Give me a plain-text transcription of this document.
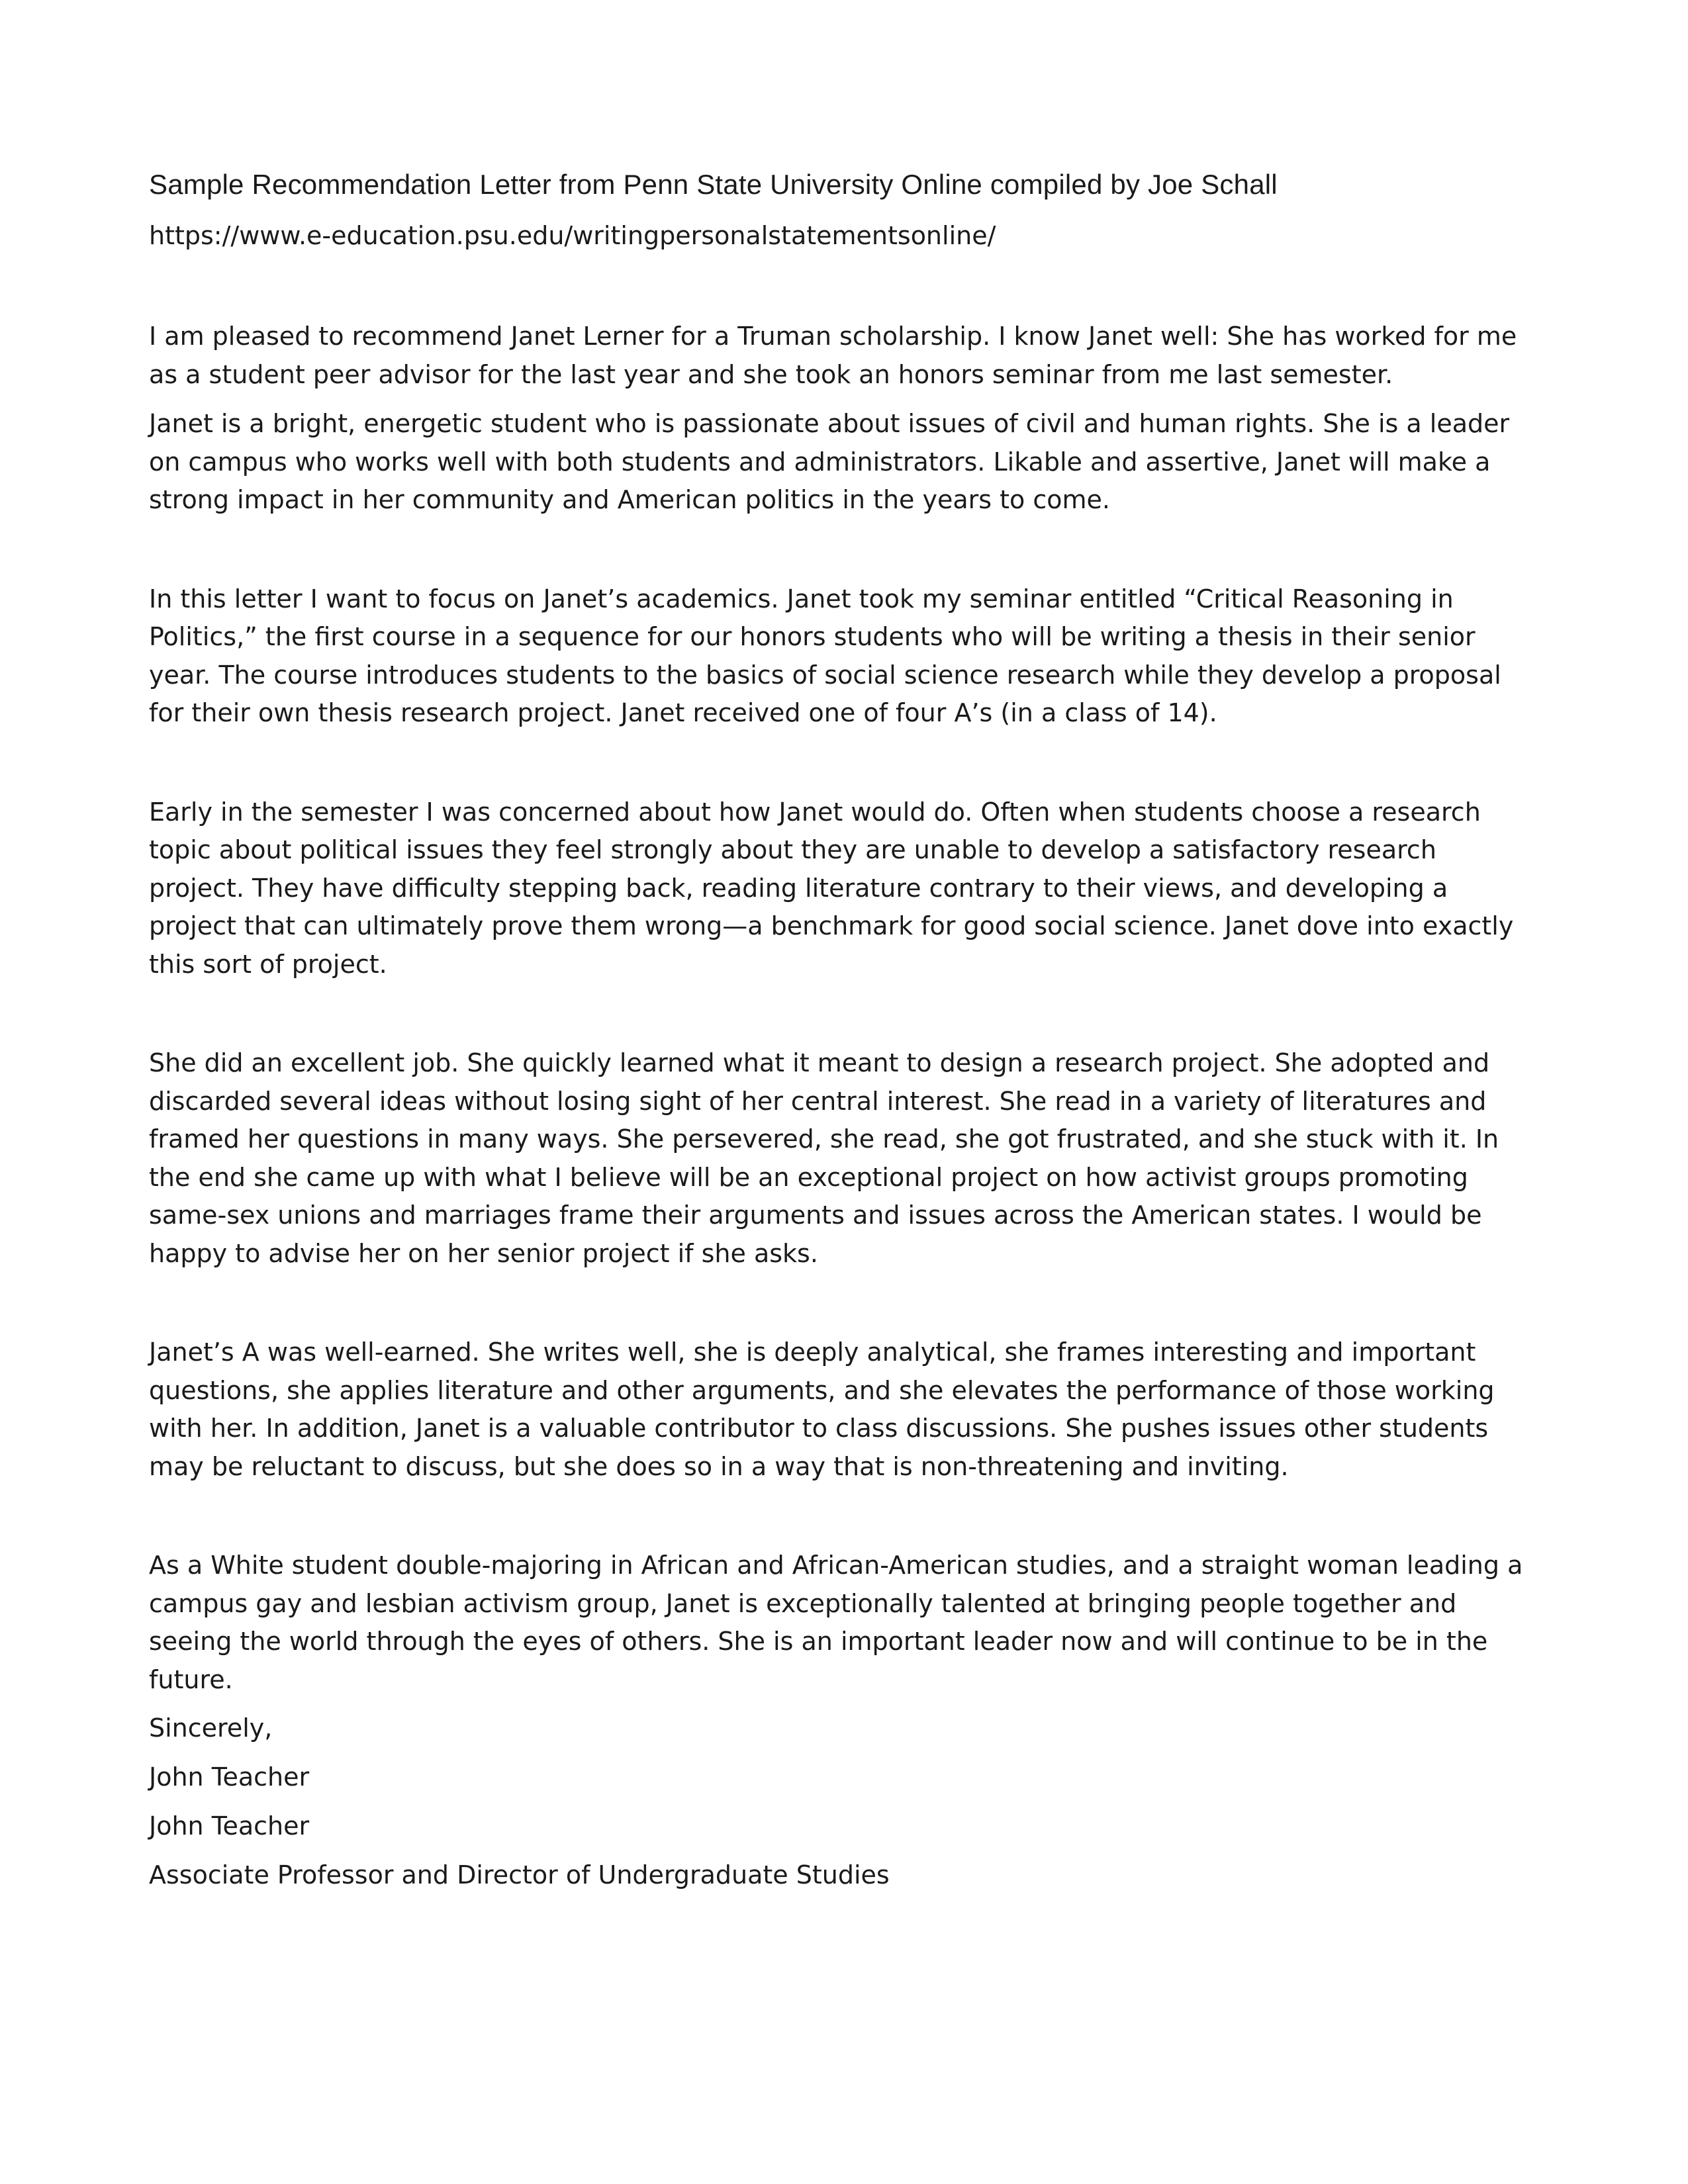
Sample Recommendation Letter from Penn State University Online compiled by Joe Schall
https://www.e-education.psu.edu/writingpersonalstatementsonline/

I am pleased to recommend Janet Lerner for a Truman scholarship. I know Janet well: She has worked for me as a student peer advisor for the last year and she took an honors seminar from me last semester.

Janet is a bright, energetic student who is passionate about issues of civil and human rights. She is a leader on campus who works well with both students and administrators. Likable and assertive, Janet will make a strong impact in her community and American politics in the years to come.

In this letter I want to focus on Janet’s academics. Janet took my seminar entitled “Critical Reasoning in Politics,” the first course in a sequence for our honors students who will be writing a thesis in their senior year. The course introduces students to the basics of social science research while they develop a proposal for their own thesis research project. Janet received one of four A’s (in a class of 14).

Early in the semester I was concerned about how Janet would do. Often when students choose a research topic about political issues they feel strongly about they are unable to develop a satisfactory research project. They have difficulty stepping back, reading literature contrary to their views, and developing a project that can ultimately prove them wrong—a benchmark for good social science. Janet dove into exactly this sort of project.

She did an excellent job. She quickly learned what it meant to design a research project. She adopted and discarded several ideas without losing sight of her central interest. She read in a variety of literatures and framed her questions in many ways. She persevered, she read, she got frustrated, and she stuck with it. In the end she came up with what I believe will be an exceptional project on how activist groups promoting same-sex unions and marriages frame their arguments and issues across the American states. I would be happy to advise her on her senior project if she asks.

Janet’s A was well-earned. She writes well, she is deeply analytical, she frames interesting and important questions, she applies literature and other arguments, and she elevates the performance of those working with her. In addition, Janet is a valuable contributor to class discussions. She pushes issues other students may be reluctant to discuss, but she does so in a way that is non-threatening and inviting.

As a White student double-majoring in African and African-American studies, and a straight woman leading a campus gay and lesbian activism group, Janet is exceptionally talented at bringing people together and seeing the world through the eyes of others. She is an important leader now and will continue to be in the future.

Sincerely,

John Teacher

John Teacher

Associate Professor and Director of Undergraduate Studies
